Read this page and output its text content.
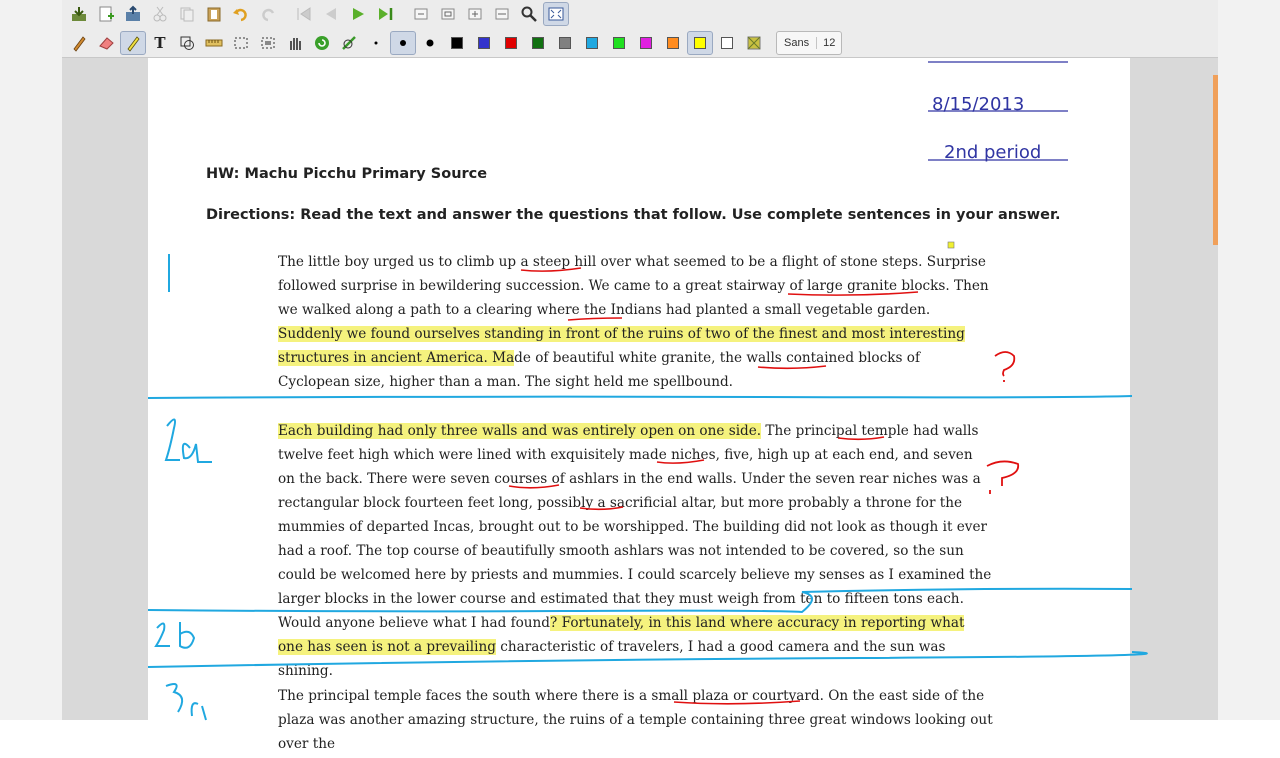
T	Sans	12
8/15/2013
2nd period
HW: Machu Picchu Primary Source
Directions: Read the text and answer the questions that follow. Use complete sentences in your answer.
The little boy urged us to climb up a steep hill over what seemed to be a flight of stone steps. Surprise followed surprise in bewildering succession. We came to a great stairway of large granite blocks. Then we walked along a path to a clearing where the Indians had planted a small vegetable garden. Suddenly we found ourselves standing in front of the ruins of two of the finest and most interesting structures in ancient America. Made of beautiful white granite, the walls contained blocks of Cyclopean size, higher than a man. The sight held me spellbound.
Each building had only three walls and was entirely open on one side. The principal temple had walls twelve feet high which were lined with exquisitely made niches, five, high up at each end, and seven on the back. There were seven courses of ashlars in the end walls. Under the seven rear niches was a rectangular block fourteen feet long, possibly a sacrificial altar, but more probably a throne for the mummies of departed Incas, brought out to be worshipped. The building did not look as though it ever had a roof. The top course of beautifully smooth ashlars was not intended to be covered, so the sun could be welcomed here by priests and mummies. I could scarcely believe my senses as I examined the larger blocks in the lower course and estimated that they must weigh from ten to fifteen tons each. Would anyone believe what I had found? Fortunately, in this land where accuracy in reporting what one has seen is not a prevailing characteristic of travelers, I had a good camera and the sun was shining.
The principal temple faces the south where there is a small plaza or courtyard. On the east side of the plaza was another amazing structure, the ruins of a temple containing three great windows looking out over the
